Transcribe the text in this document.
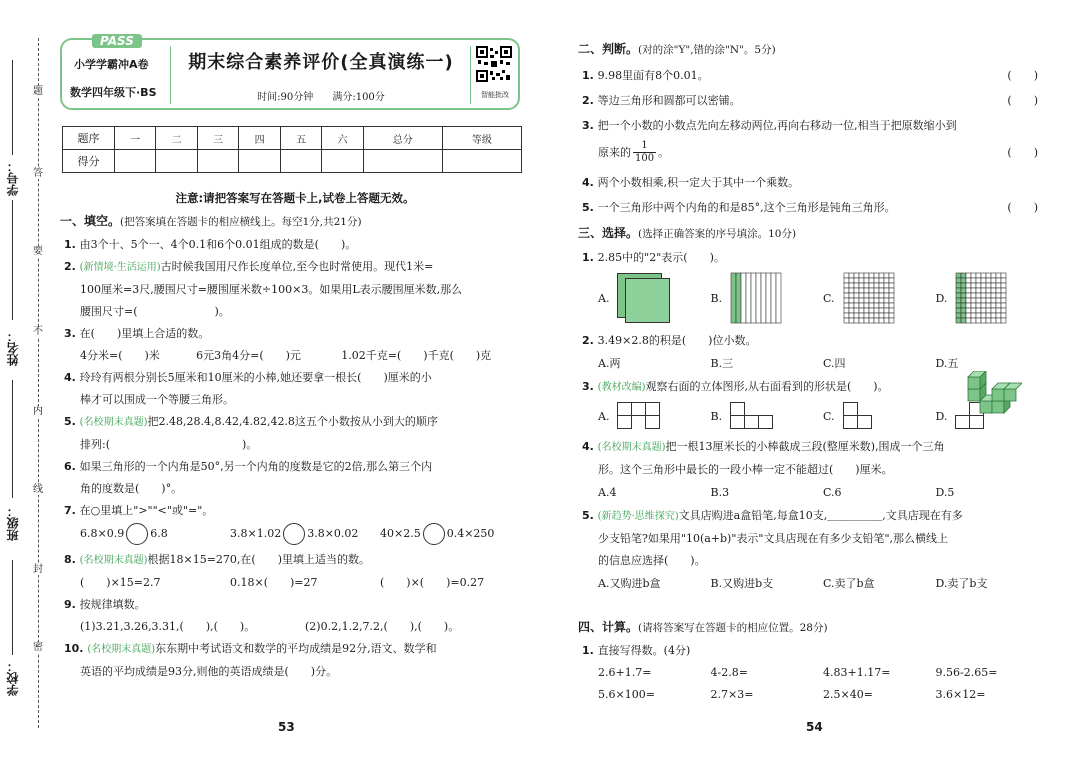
题
答
要
不
内
线
封
密
学号：
姓名：
班级：
学校：
PASS
小学学霸冲A卷
数学四年级下·BS
期末综合素养评价(全真演练一)
时间:90分钟 满分:100分	智能批改
题序	一	二	三	四	五	六	总分	等级
得分								
注意:请把答案写在答题卡上,试卷上答题无效。
一、填空。(把答案填在答题卡的相应横线上。每空1分,共21分)
1. 由3个十、5个一、4个0.1和6个0.01组成的数是(　　)。
2. (新情境·生活运用)古时候我国用尺作长度单位,至今也时常使用。现代1米=
100厘米=3尺,腰围尺寸=腰围厘米数÷100×3。如果用L表示腰围厘米数,那么
腰围尺寸=(　　　　　　　)。
3. 在(　　)里填上合适的数。
4分米=(　　)米	6元3角4分=(　　)元	1.02千克=(　　)千克(　　)克
4. 玲玲有两根分别长5厘米和10厘米的小棒,她还要拿一根长(　　)厘米的小
棒才可以围成一个等腰三角形。
5. (名校期末真题)把2.48,28.4,8.42,4.82,42.8这五个小数按从小到大的顺序
排列:(　　　　　　　　　　　　)。
6. 如果三角形的一个内角是50°,另一个内角的度数是它的2倍,那么第三个内
角的度数是(　　)°。
7. 在○里填上">""<"或"="。
6.8×0.9 6.8	3.8×1.02 3.8×0.02	40×2.5 0.4×250
8. (名校期末真题)根据18×15=270,在(　　)里填上适当的数。
(　　)×15=2.7	0.18×(　　)=27	(　　)×(　　)=0.27
9. 按规律填数。
(1)3.21,3.26,3.31,(　　),(　　)。	(2)0.2,1.2,7.2,(　　),(　　)。
10. (名校期末真题)东东期中考试语文和数学的平均成绩是92分,语文、数学和
英语的平均成绩是93分,则他的英语成绩是(　　)分。
53
二、判断。(对的涂"Y",错的涂"N"。5分)
1. 9.98里面有8个0.01。	(　　)
2. 等边三角形和圆都可以密铺。	(　　)
3. 把一个小数的小数点先向左移动两位,再向右移动一位,相当于把原数缩小到
原来的 $\frac{1}{100}$ 。	(　　)
4. 两个小数相乘,积一定大于其中一个乘数。
5. 一个三角形中两个内角的和是85°,这个三角形是钝角三角形。	(　　)
三、选择。(选择正确答案的序号填涂。10分)
1. 2.85中的"2"表示(　　)。
A.	B.	C.	D.
2. 3.49×2.8的积是(　　)位小数。
A.两	B.三	C.四	D.五
3. (教材改编)观察右面的立体图形,从右面看到的形状是(　　)。
A.	B.	C.	D.
4. (名校期末真题)把一根13厘米长的小棒截成三段(整厘米数),围成一个三角
形。这个三角形中最长的一段小棒一定不能超过(　　)厘米。
A.4	B.3	C.6	D.5
5. (新趋势·思维探究)文具店购进a盒铅笔,每盒10支,＿＿＿＿＿,文具店现在有多
少支铅笔?如果用"10(a+b)"表示"文具店现在有多少支铅笔",那么横线上
的信息应选择(　　)。
A.又购进b盒	B.又购进b支	C.卖了b盒	D.卖了b支
四、计算。(请将答案写在答题卡的相应位置。28分)
1. 直接写得数。(4分)
2.6+1.7=	4-2.8=	4.83+1.17=	9.56-2.65=
5.6×100=	2.7×3=	2.5×40=	3.6×12=
54
